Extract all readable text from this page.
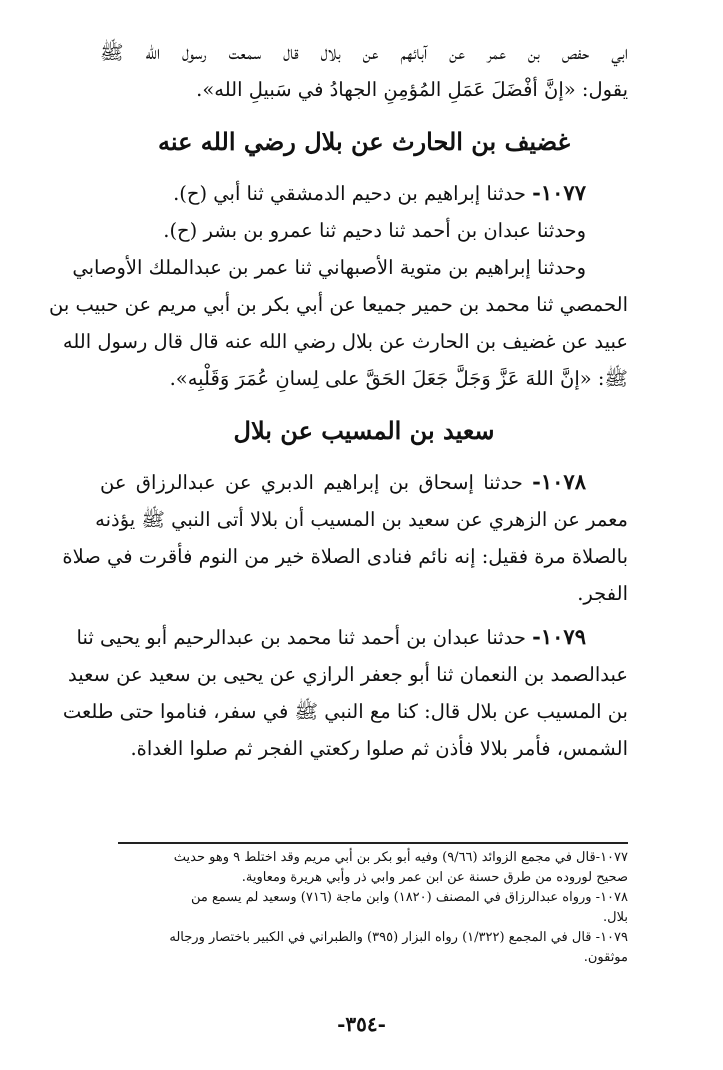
ابي حفص بن عمر عن آبائهم عن بلال قال سمعت رسول الله ﷺ
يقول: «إنَّ أفْضَلَ عَمَلِ المُؤمِنِ الجهادُ في سَبيلِ الله».
غضيف بن الحارث عن بلال رضي الله عنه
١٠٧٧- حدثنا إبراهيم بن دحيم الدمشقي ثنا أبي (ح).
وحدثنا عبدان بن أحمد ثنا دحيم ثنا عمرو بن بشر (ح).
وحدثنا إبراهيم بن متوية الأصبهاني ثنا عمر بن عبدالملك الأوصابي
الحمصي ثنا محمد بن حمير جميعا عن أبي بكر بن أبي مريم عن حبيب بن
عبيد عن غضيف بن الحارث عن بلال رضي الله عنه قال قال رسول الله
ﷺ: «إنَّ اللهَ عَزَّ وَجَلَّ جَعَلَ الحَقَّ على لِسانِ عُمَرَ وَقَلْبِه».
سعيد بن المسيب عن بلال
١٠٧٨- حدثنا إسحاق بن إبراهيم الدبري عن عبدالرزاق عن
معمر عن الزهري عن سعيد بن المسيب أن بلالا أتى النبي ﷺ يؤذنه
بالصلاة مرة فقيل: إنه نائم فنادى الصلاة خير من النوم فأقرت في صلاة
الفجر.
١٠٧٩- حدثنا عبدان بن أحمد ثنا محمد بن عبدالرحيم أبو يحيى ثنا
عبدالصمد بن النعمان ثنا أبو جعفر الرازي عن يحيى بن سعيد عن سعيد
بن المسيب عن بلال قال: كنا مع النبي ﷺ في سفر، فناموا حتى طلعت
الشمس، فأمر بلالا فأذن ثم صلوا ركعتي الفجر ثم صلوا الغداة.
١٠٧٧-قال في مجمع الزوائد (٩/٦٦) وفيه أبو بكر بن أبي مريم وقد اختلط ٩ وهو حديث
صحيح لوروده من طرق حسنة عن ابن عمر وابي ذر وأبي هريرة ومعاوية.
١٠٧٨- ورواه عبدالرزاق في المصنف (١٨٢٠) وابن ماجة (٧١٦) وسعيد لم يسمع من
بلال.
١٠٧٩- قال في المجمع (١/٣٢٢) رواه البزار (٣٩٥) والطبراني في الكبير باختصار ورجاله
موثقون.
-٣٥٤-
